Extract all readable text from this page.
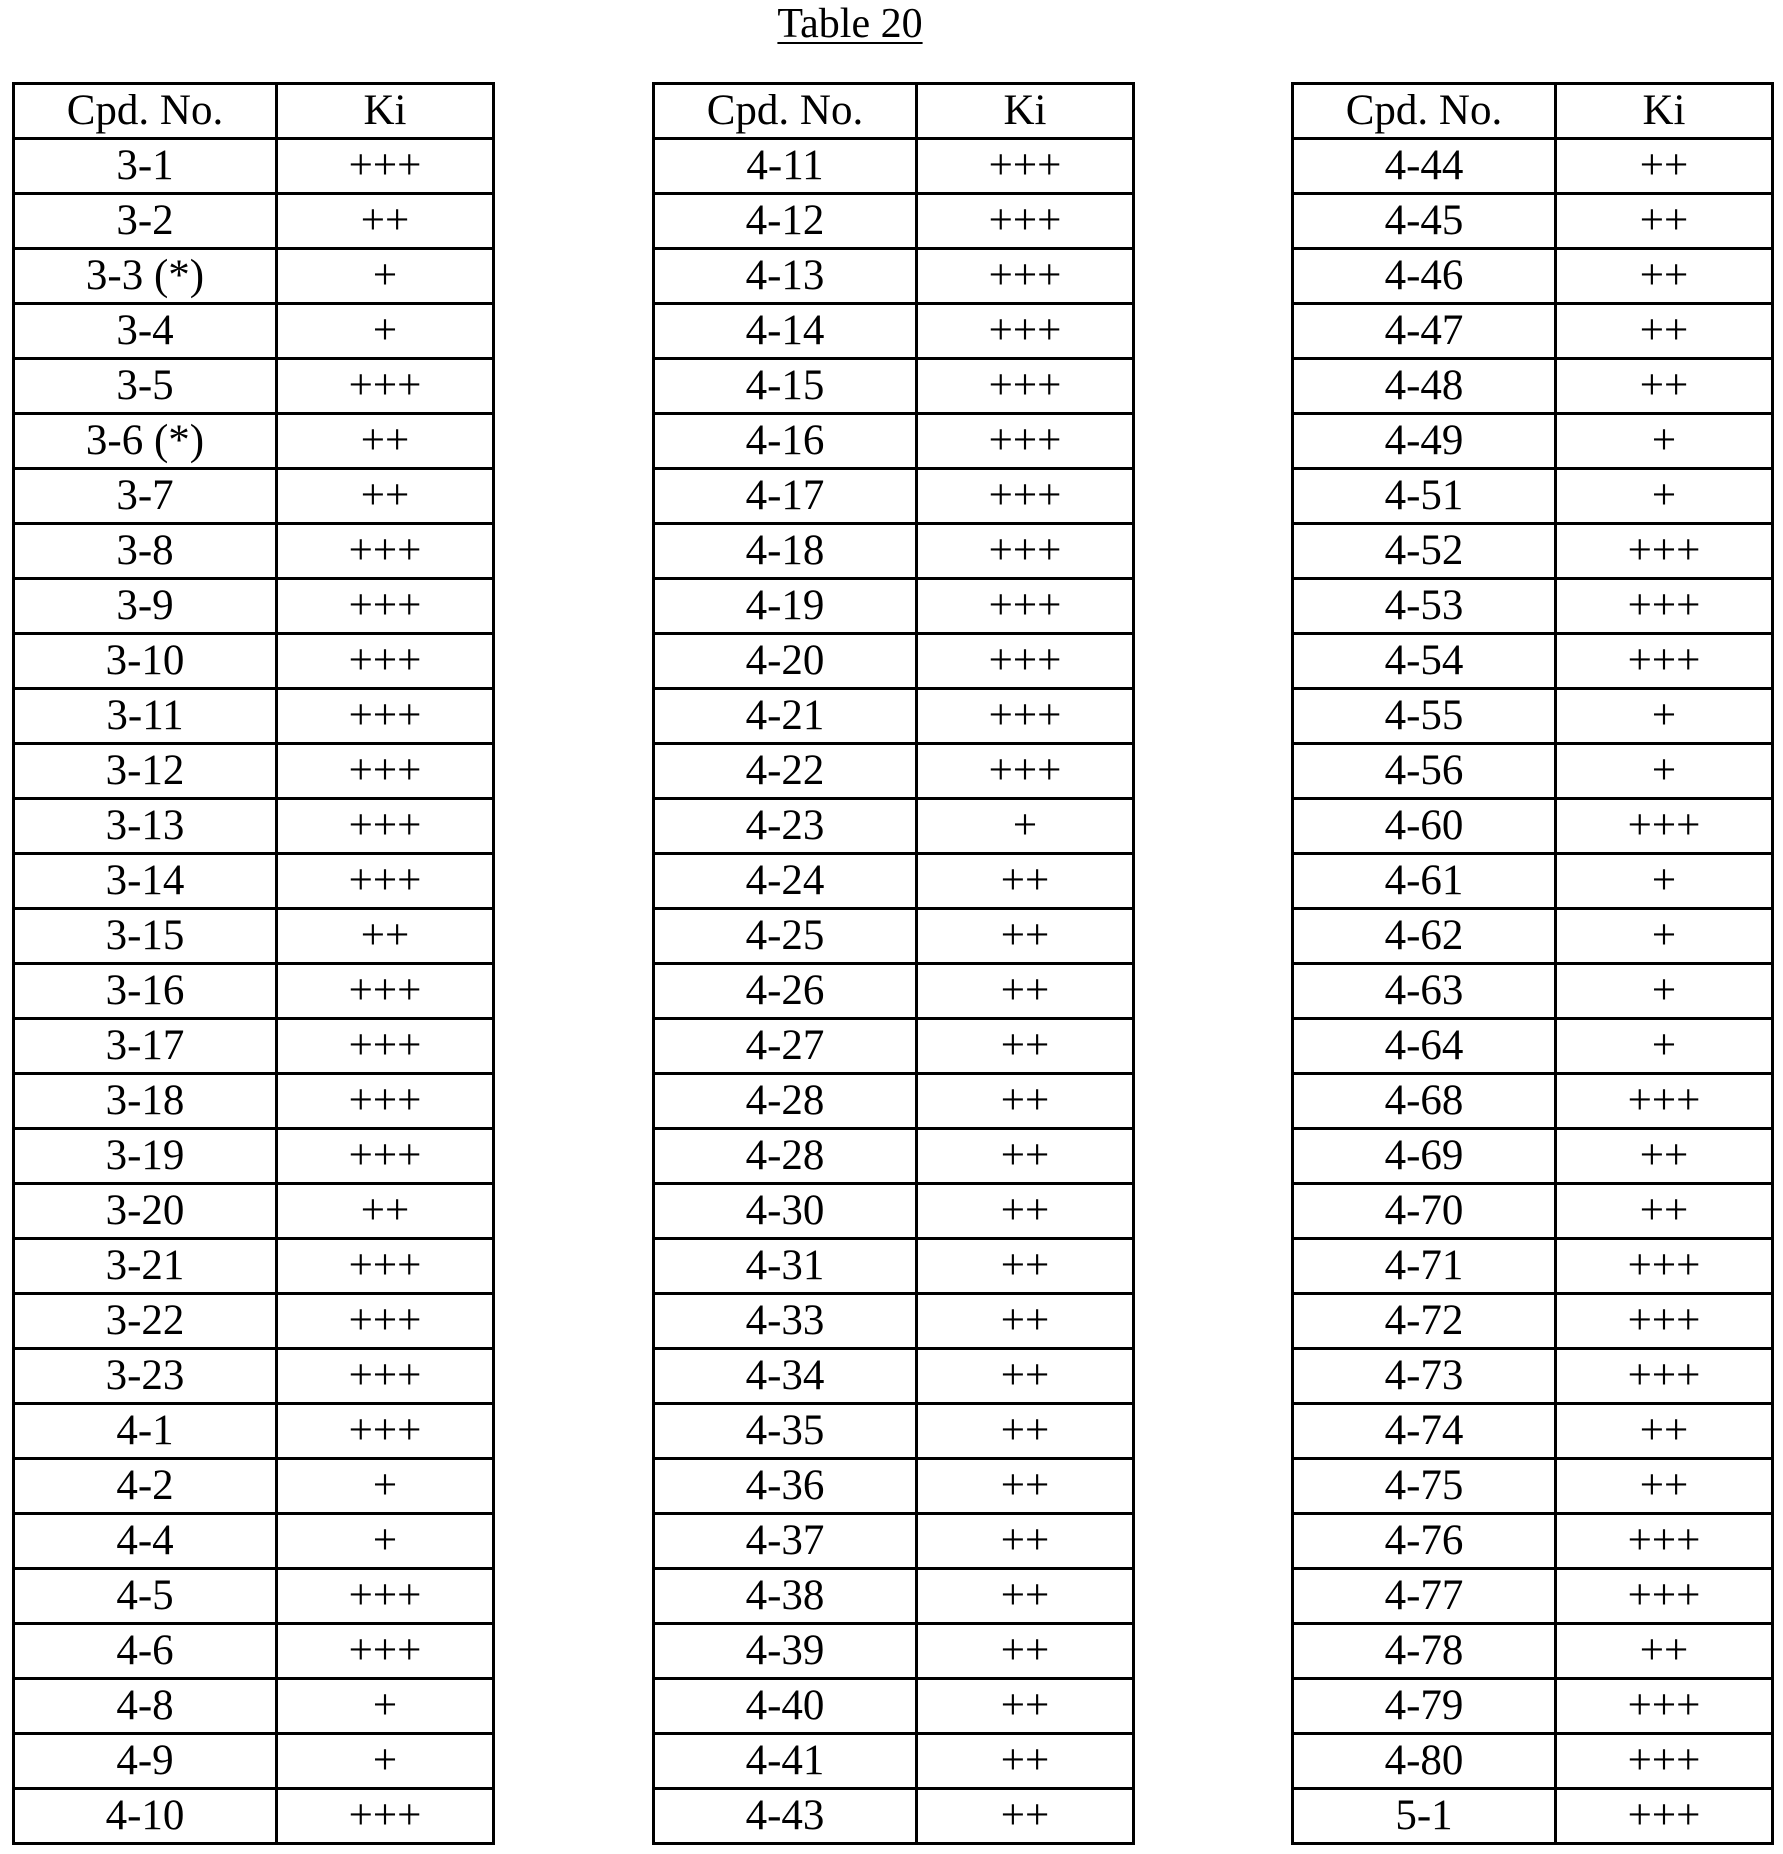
Table 20
Cpd. No.	Ki
3-1	+++
3-2	++
3-3 (*)	+
3-4	+
3-5	+++
3-6 (*)	++
3-7	++
3-8	+++
3-9	+++
3-10	+++
3-11	+++
3-12	+++
3-13	+++
3-14	+++
3-15	++
3-16	+++
3-17	+++
3-18	+++
3-19	+++
3-20	++
3-21	+++
3-22	+++
3-23	+++
4-1	+++
4-2	+
4-4	+
4-5	+++
4-6	+++
4-8	+
4-9	+
4-10	+++
Cpd. No.	Ki
4-11	+++
4-12	+++
4-13	+++
4-14	+++
4-15	+++
4-16	+++
4-17	+++
4-18	+++
4-19	+++
4-20	+++
4-21	+++
4-22	+++
4-23	+
4-24	++
4-25	++
4-26	++
4-27	++
4-28	++
4-28	++
4-30	++
4-31	++
4-33	++
4-34	++
4-35	++
4-36	++
4-37	++
4-38	++
4-39	++
4-40	++
4-41	++
4-43	++
Cpd. No.	Ki
4-44	++
4-45	++
4-46	++
4-47	++
4-48	++
4-49	+
4-51	+
4-52	+++
4-53	+++
4-54	+++
4-55	+
4-56	+
4-60	+++
4-61	+
4-62	+
4-63	+
4-64	+
4-68	+++
4-69	++
4-70	++
4-71	+++
4-72	+++
4-73	+++
4-74	++
4-75	++
4-76	+++
4-77	+++
4-78	++
4-79	+++
4-80	+++
5-1	+++
